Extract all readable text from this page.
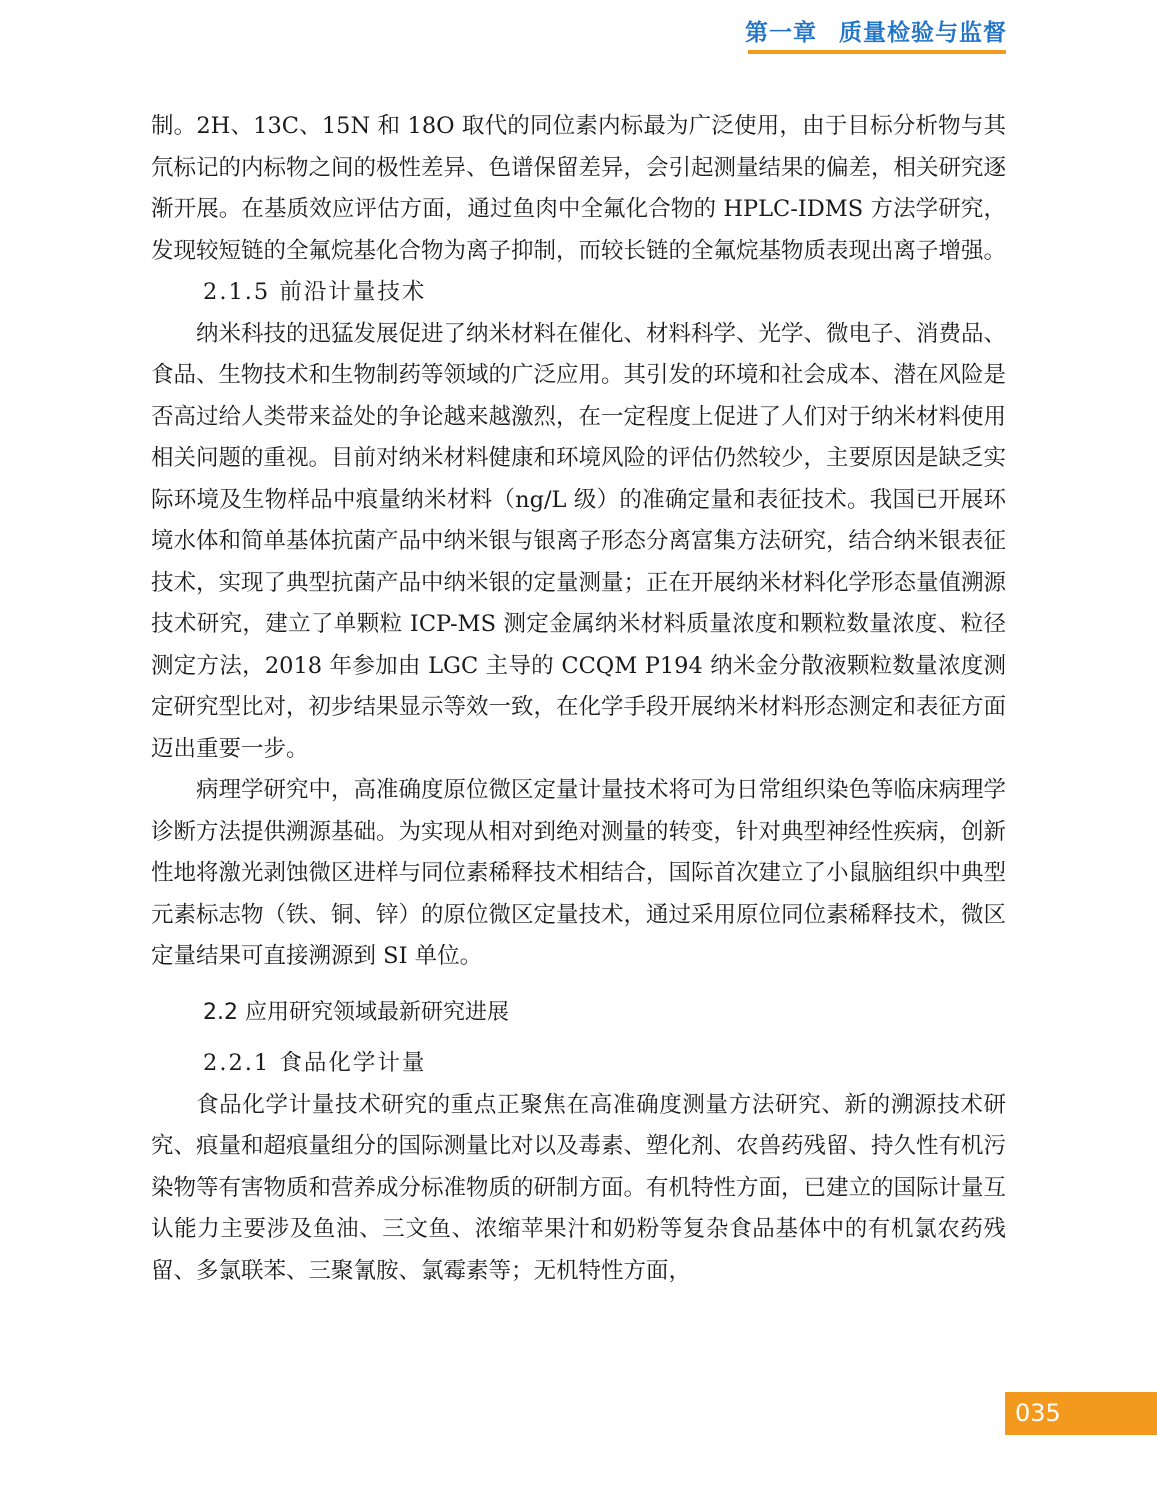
第一章 质量检验与监督

制。2H、13C、15N 和 18O 取代的同位素内标最为广泛使用，由于目标分析物与其氘标记的内标物之间的极性差异、色谱保留差异，会引起测量结果的偏差，相关研究逐渐开展。在基质效应评估方面，通过鱼肉中全氟化合物的 HPLC-IDMS 方法学研究，发现较短链的全氟烷基化合物为离子抑制，而较长链的全氟烷基物质表现出离子增强。

2.1.5 前沿计量技术

纳米科技的迅猛发展促进了纳米材料在催化、材料科学、光学、微电子、消费品、食品、生物技术和生物制药等领域的广泛应用。其引发的环境和社会成本、潜在风险是否高过给人类带来益处的争论越来越激烈，在一定程度上促进了人们对于纳米材料使用相关问题的重视。目前对纳米材料健康和环境风险的评估仍然较少，主要原因是缺乏实际环境及生物样品中痕量纳米材料（ng/L 级）的准确定量和表征技术。我国已开展环境水体和简单基体抗菌产品中纳米银与银离子形态分离富集方法研究，结合纳米银表征技术，实现了典型抗菌产品中纳米银的定量测量；正在开展纳米材料化学形态量值溯源技术研究，建立了单颗粒 ICP-MS 测定金属纳米材料质量浓度和颗粒数量浓度、粒径测定方法，2018 年参加由 LGC 主导的 CCQM P194 纳米金分散液颗粒数量浓度测定研究型比对，初步结果显示等效一致，在化学手段开展纳米材料形态测定和表征方面迈出重要一步。

病理学研究中，高准确度原位微区定量计量技术将可为日常组织染色等临床病理学诊断方法提供溯源基础。为实现从相对到绝对测量的转变，针对典型神经性疾病，创新性地将激光剥蚀微区进样与同位素稀释技术相结合，国际首次建立了小鼠脑组织中典型元素标志物（铁、铜、锌）的原位微区定量技术，通过采用原位同位素稀释技术，微区定量结果可直接溯源到 SI 单位。

2.2 应用研究领域最新研究进展

2.2.1 食品化学计量

食品化学计量技术研究的重点正聚焦在高准确度测量方法研究、新的溯源技术研究、痕量和超痕量组分的国际测量比对以及毒素、塑化剂、农兽药残留、持久性有机污染物等有害物质和营养成分标准物质的研制方面。有机特性方面，已建立的国际计量互认能力主要涉及鱼油、三文鱼、浓缩苹果汁和奶粉等复杂食品基体中的有机氯农药残留、多氯联苯、三聚氰胺、氯霉素等；无机特性方面，

035
